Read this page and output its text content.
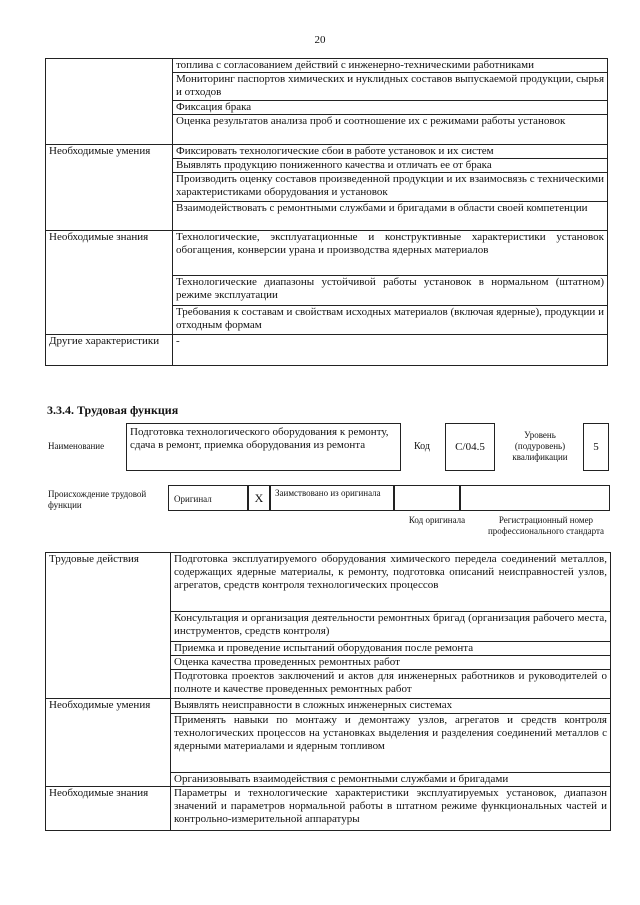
20
	топлива с согласованием действий с инженерно-техническими работниками
	Мониторинг паспортов химических и нуклидных составов выпускаемой продукции, сырья и отходов
	Фиксация брака
	Оценка результатов анализа проб и соотношение их с режимами работы установок
Необходимые умения	Фиксировать технологические сбои в работе установок и их систем
	Выявлять продукцию пониженного качества и отличать ее от брака
	Производить оценку составов произведенной продукции и их взаимосвязь с техническими характеристиками оборудования и установок
	Взаимодействовать с ремонтными службами и бригадами в области своей компетенции
Необходимые знания	Технологические, эксплуатационные и конструктивные характеристики установок обогащения, конверсии урана и производства ядерных материалов
	Технологические диапазоны устойчивой работы установок в нормальном (штатном) режиме эксплуатации
	Требования к составам и свойствам исходных материалов (включая ядерные), продукции и отходным формам
Другие характеристики	-
3.3.4. Трудовая функция
Наименование
Подготовка технологического оборудования к ремонту, сдача в ремонт, приемка оборудования из ремонта	Код	С/04.5
Уровень (подуровень) квалификации
5
Происхождение трудовой функции
Оригинал	X	Заимствовано из оригинала
Код оригинала	Регистрационный номер профессионального стандарта
Трудовые действия	Подготовка эксплуатируемого оборудования химического передела соединений металлов, содержащих ядерные материалы, к ремонту, подготовка описаний неисправностей узлов, агрегатов, средств контроля технологических процессов
	Консультация и организация деятельности ремонтных бригад (организация рабочего места, инструментов, средств контроля)
	Приемка и проведение испытаний оборудования после ремонта
	Оценка качества проведенных ремонтных работ
	Подготовка проектов заключений и актов для инженерных работников и руководителей о полноте и качестве проведенных ремонтных работ
Необходимые умения	Выявлять неисправности в сложных инженерных системах
	Применять навыки по монтажу и демонтажу узлов, агрегатов и средств контроля технологических процессов на установках выделения и разделения соединений металлов с ядерными материалами и ядерным топливом
	Организовывать взаимодействия с ремонтными службами и бригадами
Необходимые знания	Параметры и технологические характеристики эксплуатируемых установок, диапазон значений и параметров нормальной работы в штатном режиме функциональных частей и контрольно-измерительной аппаратуры
